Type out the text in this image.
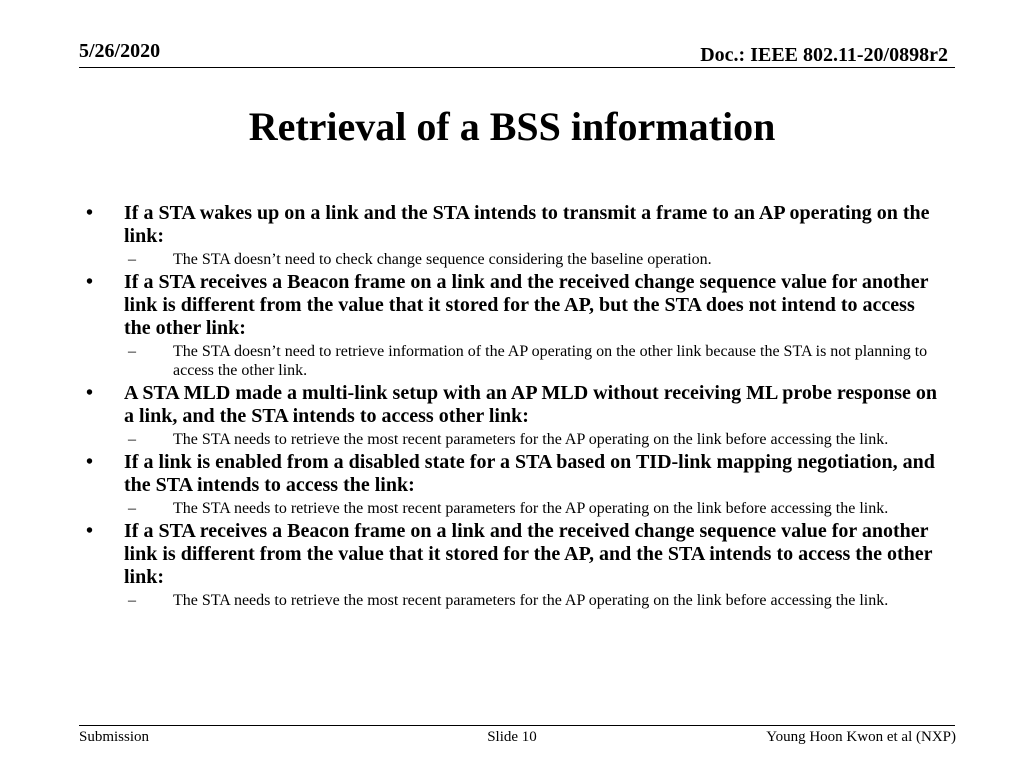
5/26/2020	Doc.: IEEE 802.11-20/0898r2
Retrieval of a BSS information
•	If a STA wakes up on a link and the STA intends to transmit a frame to an AP operating on the link:
–	The STA doesn’t need to check change sequence considering the baseline operation.
•	If a STA receives a Beacon frame on a link and the received change sequence value for another link is different from the value that it stored for the AP, but the STA does not intend to access the other link:
–	The STA doesn’t need to retrieve information of the AP operating on the other link because the STA is not planning to access the other link.
•	A STA MLD made a multi-link setup with an AP MLD without receiving ML probe response on a link, and the STA intends to access other link:
–	The STA needs to retrieve the most recent parameters for the AP operating on the link before accessing the link.
•	If a link is enabled from a disabled state for a STA based on TID-link mapping negotiation, and the STA intends to access the link:
–	The STA needs to retrieve the most recent parameters for the AP operating on the link before accessing the link.
•	If a STA receives a Beacon frame on a link and the received change sequence value for another link is different from the value that it stored for the AP, and the STA intends to access the other link:
–	The STA needs to retrieve the most recent parameters for the AP operating on the link before accessing the link.
Submission	Slide 10	Young Hoon Kwon et al (NXP)
